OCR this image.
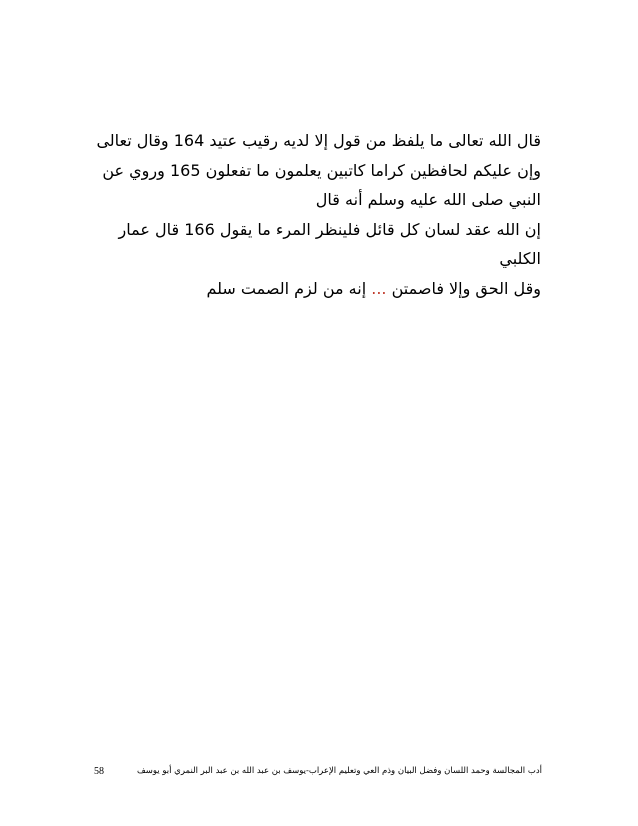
قال الله تعالى ما يلفظ من قول إلا لديه رقيب عتيد 164 وقال تعالى
وإن عليكم لحافظين كراما كاتبين يعلمون ما تفعلون 165 وروي عن
النبي صلى الله عليه وسلم أنه قال
إن الله عقد لسان كل قائل فلينظر المرء ما يقول 166 قال عمار
الكلبي
وقل الحق وإلا فاصمتن ... إنه من لزم الصمت سلم
أدب المجالسة وحمد اللسان وفضل البيان وذم العي وتعليم الإعراب-يوسف بن عبد الله بن عبد البر النمري أبو يوسف
58
